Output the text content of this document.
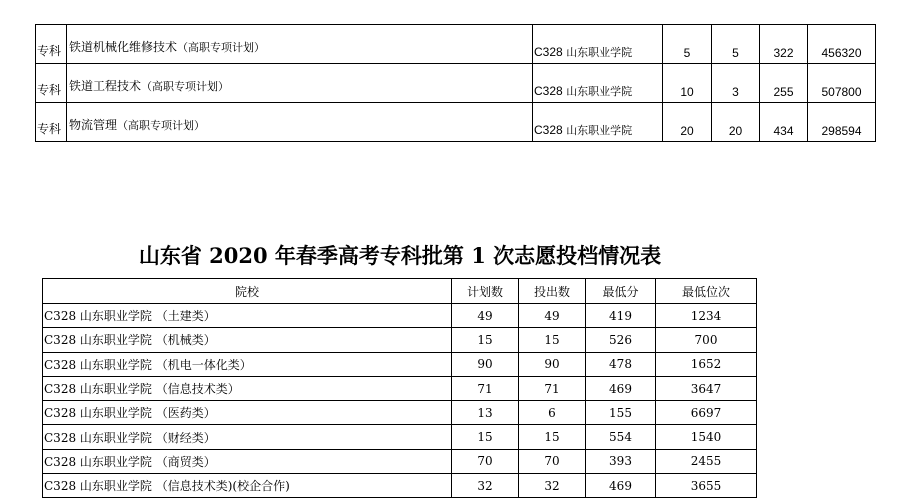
专科	铁道机械化维修技术（高职专项计划）	C328 山东职业学院	5	5	322	456320
专科	铁道工程技术（高职专项计划）	C328 山东职业学院	10	3	255	507800
专科	物流管理（高职专项计划）	C328 山东职业学院	20	20	434	298594
山东省 2020 年春季高考专科批第 1 次志愿投档情况表
院校	计划数	投出数	最低分	最低位次
C328 山东职业学院 （土建类）	49	49	419	1234
C328 山东职业学院 （机械类）	15	15	526	700
C328 山东职业学院 （机电一体化类）	90	90	478	1652
C328 山东职业学院 （信息技术类）	71	71	469	3647
C328 山东职业学院 （医药类）	13	6	155	6697
C328 山东职业学院 （财经类）	15	15	554	1540
C328 山东职业学院 （商贸类）	70	70	393	2455
C328 山东职业学院 （信息技术类)(校企合作)	32	32	469	3655
